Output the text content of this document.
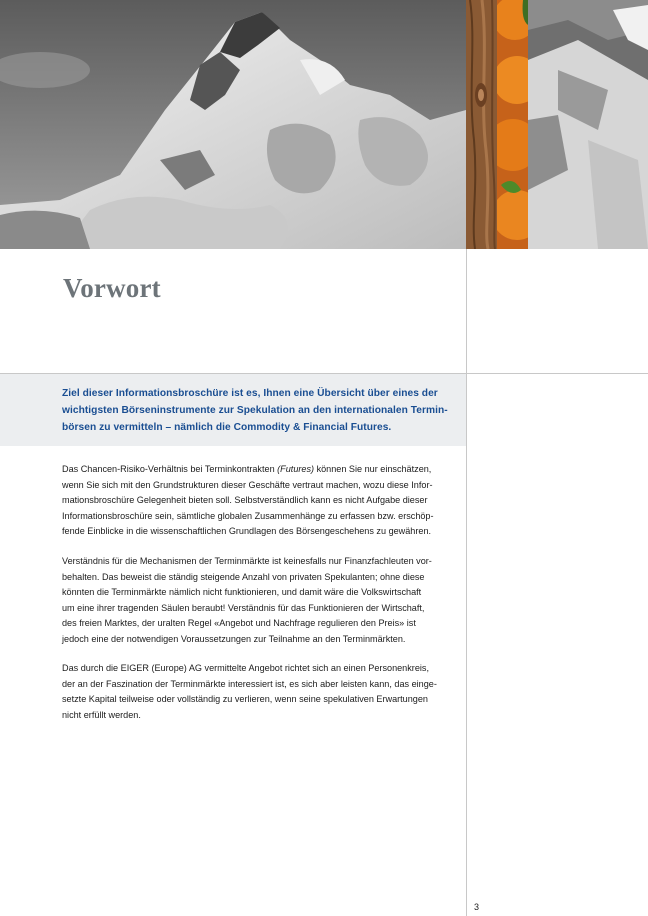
Vorwort

Ziel dieser Informationsbroschüre ist es, Ihnen eine Übersicht über eines der
wichtigsten Börseninstrumente zur Spekulation an den internationalen Termin-
börsen zu vermitteln – nämlich die Commodity & Financial Futures.

Das Chancen-Risiko-Verhältnis bei Terminkontrakten (Futures) können Sie nur einschätzen,
wenn Sie sich mit den Grundstrukturen dieser Geschäfte vertraut machen, wozu diese Infor-
mationsbroschüre Gelegenheit bieten soll. Selbstverständlich kann es nicht Aufgabe dieser
Informationsbroschüre sein, sämtliche globalen Zusammenhänge zu erfassen bzw. erschöp-
fende Einblicke in die wissenschaftlichen Grundlagen des Börsengeschehens zu gewähren.

Verständnis für die Mechanismen der Terminmärkte ist keinesfalls nur Finanzfachleuten vor-
behalten. Das beweist die ständig steigende Anzahl von privaten Spekulanten; ohne diese
könnten die Terminmärkte nämlich nicht funktionieren, und damit wäre die Volkswirtschaft
um eine ihrer tragenden Säulen beraubt! Verständnis für das Funktionieren der Wirtschaft,
des freien Marktes, der uralten Regel «Angebot und Nachfrage regulieren den Preis» ist
jedoch eine der notwendigen Voraussetzungen zur Teilnahme an den Terminmärkten.

Das durch die EIGER (Europe) AG vermittelte Angebot richtet sich an einen Personenkreis,
der an der Faszination der Terminmärkte interessiert ist, es sich aber leisten kann, das einge-
setzte Kapital teilweise oder vollständig zu verlieren, wenn seine spekulativen Erwartungen
nicht erfüllt werden.

3
